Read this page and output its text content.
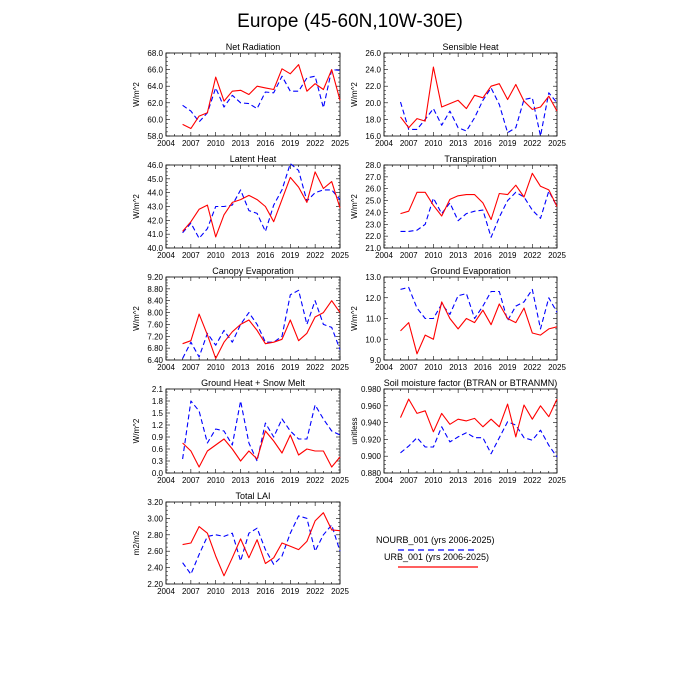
Europe (45-60N,10W-30E)
NOURB_001 (yrs 2006-2025)
URB_001 (yrs 2006-2025)
Net Radiation
W/m^2
2004 2007 2010 2013 2016 2019 2022 2025
58.0
60.0
62.0
64.0
66.0
68.0
Sensible Heat
W/m^2
2004 2007 2010 2013 2016 2019 2022 2025
16.0
18.0
20.0
22.0
24.0
26.0
Latent Heat
W/m^2
2004 2007 2010 2013 2016 2019 2022 2025
40.0
41.0
42.0
43.0
44.0
45.0
46.0
Transpiration
W/m^2
2004 2007 2010 2013 2016 2019 2022 2025
21.0
22.0
23.0
24.0
25.0
26.0
27.0
28.0
Canopy Evaporation
W/m^2
2004 2007 2010 2013 2016 2019 2022 2025
6.40
6.80
7.20
7.60
8.00
8.40
8.80
9.20
Ground Evaporation
W/m^2
2004 2007 2010 2013 2016 2019 2022 2025
9.0
10.0
11.0
12.0
13.0
Ground Heat + Snow Melt
W/m^2
2004 2007 2010 2013 2016 2019 2022 2025
0.0
0.3
0.6
0.9
1.2
1.5
1.8
2.1
Soil moisture factor (BTRAN or BTRANMN)
unitless
2004 2007 2010 2013 2016 2019 2022 2025
0.880
0.900
0.920
0.940
0.960
0.980
Total LAI
m2/m2
2004 2007 2010 2013 2016 2019 2022 2025
2.20
2.40
2.60
2.80
3.00
3.20
